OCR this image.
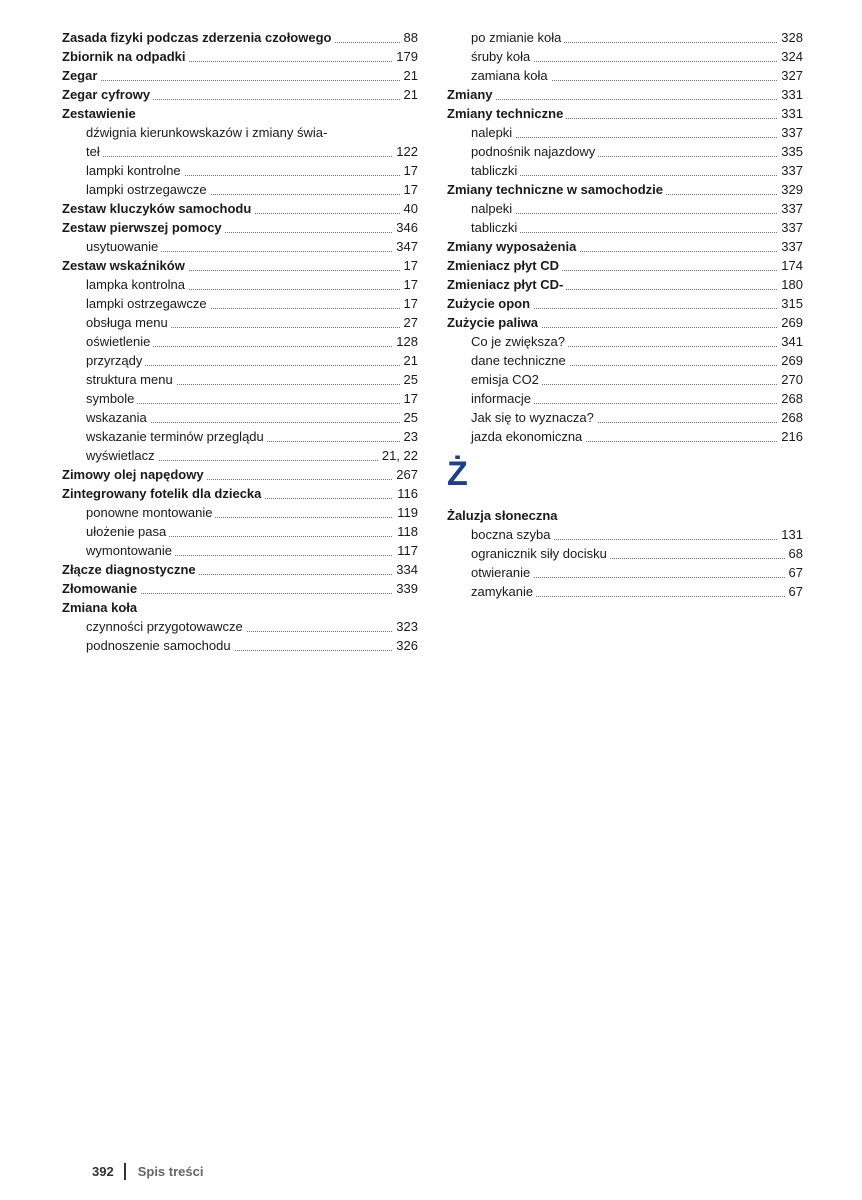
Zasada fizyki podczas zderzenia czołowego	88
Zbiornik na odpadki	179
Zegar	21
Zegar cyfrowy	21
Zestawienie
dźwignia kierunkowskazów i zmiany świa-
teł	122
lampki kontrolne	17
lampki ostrzegawcze	17
Zestaw kluczyków samochodu	40
Zestaw pierwszej pomocy	346
usytuowanie	347
Zestaw wskaźników	17
lampka kontrolna	17
lampki ostrzegawcze	17
obsługa menu	27
oświetlenie	128
przyrządy	21
struktura menu	25
symbole	17
wskazania	25
wskazanie terminów przeglądu	23
wyświetlacz	21, 22
Zimowy olej napędowy	267
Zintegrowany fotelik dla dziecka	116
ponowne montowanie	119
ułożenie pasa	118
wymontowanie	117
Złącze diagnostyczne	334
Złomowanie	339
Zmiana koła
czynności przygotowawcze	323
podnoszenie samochodu	326
po zmianie koła	328
śruby koła	324
zamiana koła	327
Zmiany	331
Zmiany techniczne	331
nalepki	337
podnośnik najazdowy	335
tabliczki	337
Zmiany techniczne w samochodzie	329
nalpeki	337
tabliczki	337
Zmiany wyposażenia	337
Zmieniacz płyt CD	174
Zmieniacz płyt CD-	180
Zużycie opon	315
Zużycie paliwa	269
Co je zwiększa?	341
dane techniczne	269
emisja CO2	270
informacje	268
Jak się to wyznacza?	268
jazda ekonomiczna	216
Ż
Żaluzja słoneczna
boczna szyba	131
ogranicznik siły docisku	68
otwieranie	67
zamykanie	67
392 Spis treści
